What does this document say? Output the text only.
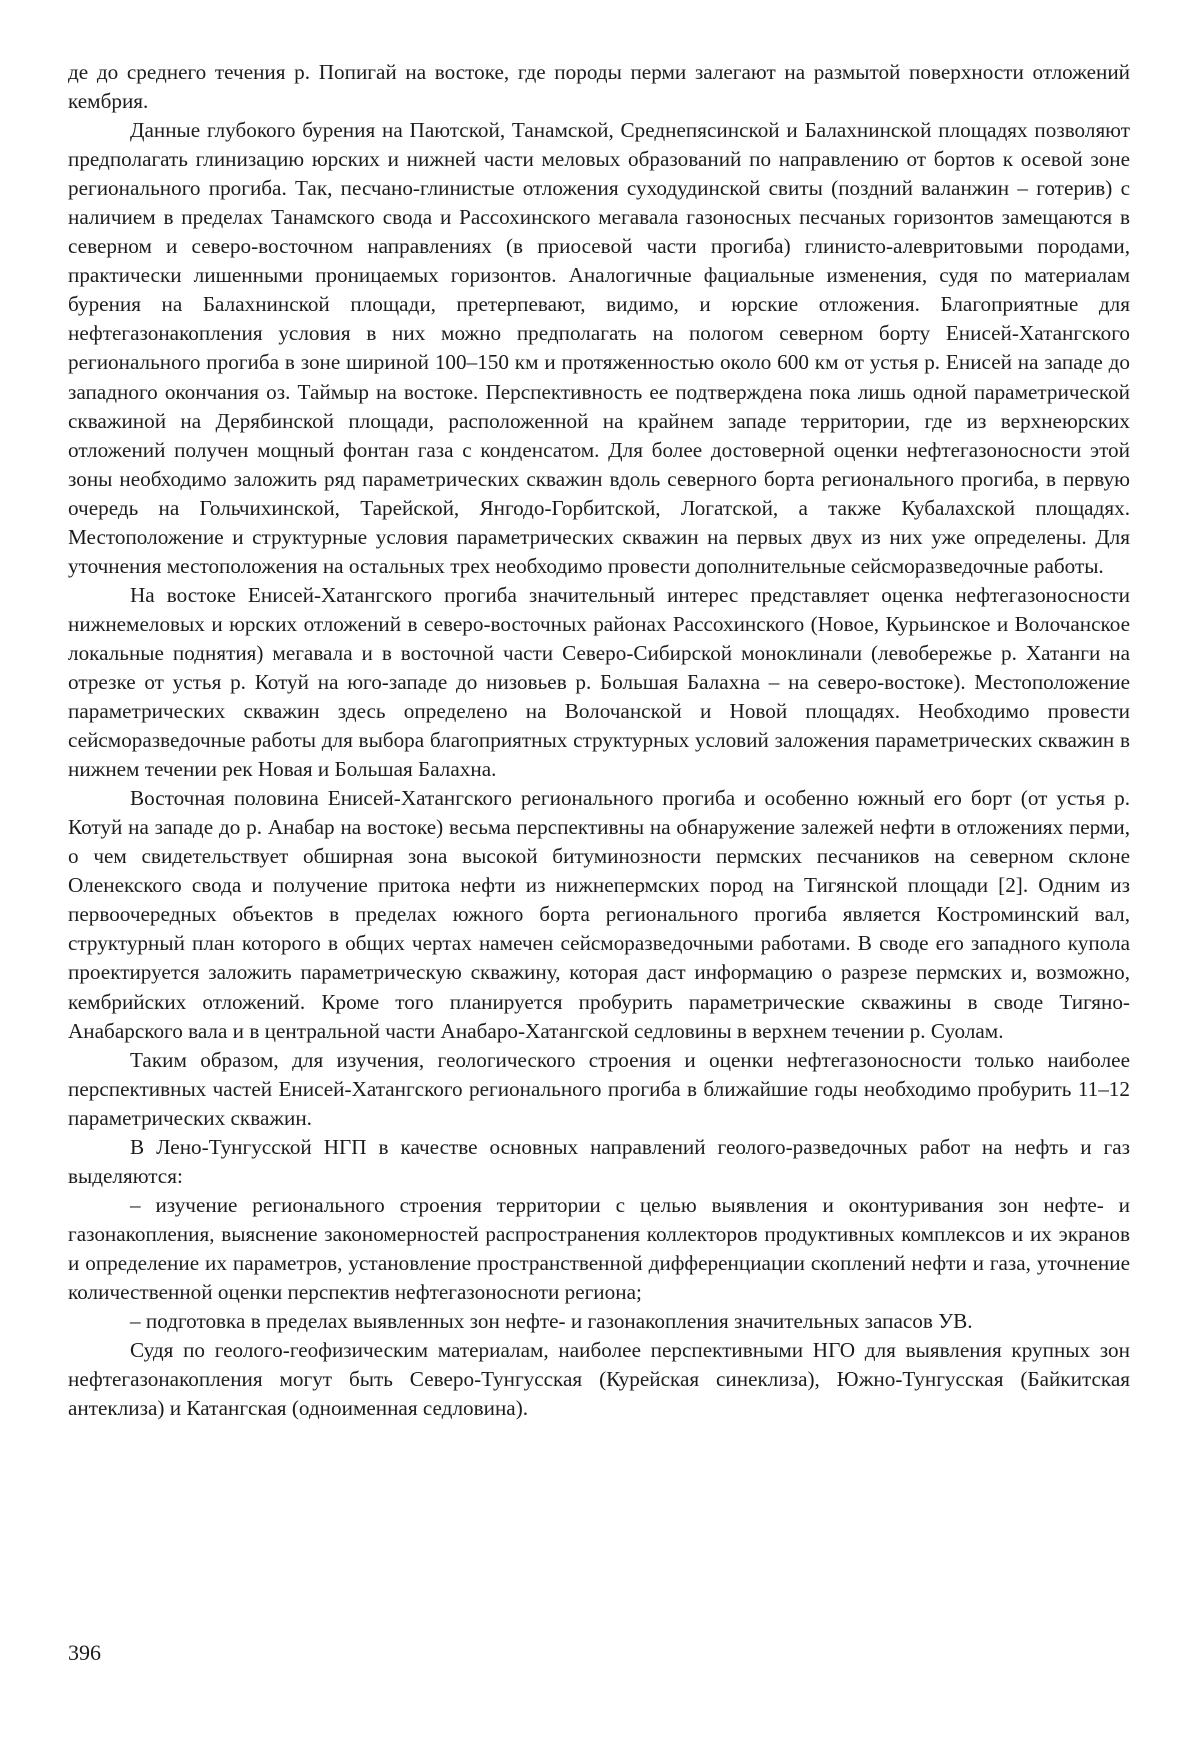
де до среднего течения р. Попигай на востоке, где породы перми залегают на размытой поверхности отложений кембрия.

Данные глубокого бурения на Паютской, Танамской, Среднепясинской и Балахнинской площадях позволяют предполагать глинизацию юрских и нижней части меловых образований по направлению от бортов к осевой зоне регионального прогиба. Так, песчано-глинистые отложения суходудинской свиты (поздний валанжин – готерив) с наличием в пределах Танамского свода и Рассохинского мегавала газоносных песчаных горизонтов замещаются в северном и северо-восточном направлениях (в приосевой части прогиба) глинисто-алевритовыми породами, практически лишенными проницаемых горизонтов. Аналогичные фациальные изменения, судя по материалам бурения на Балахнинской площади, претерпевают, видимо, и юрские отложения. Благоприятные для нефтегазонакопления условия в них можно предполагать на пологом северном борту Енисей-Хатангского регионального прогиба в зоне шириной 100–150 км и протяженностью около 600 км от устья р. Енисей на западе до западного окончания оз. Таймыр на востоке. Перспективность ее подтверждена пока лишь одной параметрической скважиной на Дерябинской площади, расположенной на крайнем западе территории, где из верхнеюрских отложений получен мощный фонтан газа с конденсатом. Для более достоверной оценки нефтегазоносности этой зоны необходимо заложить ряд параметрических скважин вдоль северного борта регионального прогиба, в первую очередь на Гольчихинской, Тарейской, Янгодо-Горбитской, Логатской, а также Кубалахской площадях. Местоположение и структурные условия параметрических скважин на первых двух из них уже определены. Для уточнения местоположения на остальных трех необходимо провести дополнительные сейсморазведочные работы.

На востоке Енисей-Хатангского прогиба значительный интерес представляет оценка нефтегазоносности нижнемеловых и юрских отложений в северо-восточных районах Рассохинского (Новое, Курьинское и Волочанское локальные поднятия) мегавала и в восточной части Северо-Сибирской моноклинали (левобережье р. Хатанги на отрезке от устья р. Котуй на юго-западе до низовьев р. Большая Балахна – на северо-востоке). Местоположение параметрических скважин здесь определено на Волочанской и Новой площадях. Необходимо провести сейсморазведочные работы для выбора благоприятных структурных условий заложения параметрических скважин в нижнем течении рек Новая и Большая Балахна.

Восточная половина Енисей-Хатангского регионального прогиба и особенно южный его борт (от устья р. Котуй на западе до р. Анабар на востоке) весьма перспективны на обнаружение залежей нефти в отложениях перми, о чем свидетельствует обширная зона высокой битуминозности пермских песчаников на северном склоне Оленекского свода и получение притока нефти из нижнепермских пород на Тигянской площади [2]. Одним из первоочередных объектов в пределах южного борта регионального прогиба является Костроминский вал, структурный план которого в общих чертах намечен сейсморазведочными работами. В своде его западного купола проектируется заложить параметрическую скважину, которая даст информацию о разрезе пермских и, возможно, кембрийских отложений. Кроме того планируется пробурить параметрические скважины в своде Тигяно-Анабарского вала и в центральной части Анабаро-Хатангской седловины в верхнем течении р. Суолам.

Таким образом, для изучения, геологического строения и оценки нефтегазоносности только наиболее перспективных частей Енисей-Хатангского регионального прогиба в ближайшие годы необходимо пробурить 11–12 параметрических скважин.

В Лено-Тунгусской НГП в качестве основных направлений геолого-разведочных работ на нефть и газ выделяются:

– изучение регионального строения территории с целью выявления и оконтуривания зон нефте- и газонакопления, выяснение закономерностей распространения коллекторов продуктивных комплексов и их экранов и определение их параметров, установление пространственной дифференциации скоплений нефти и газа, уточнение количественной оценки перспектив нефтегазоносноти региона;

– подготовка в пределах выявленных зон нефте- и газонакопления значительных запасов УВ.

Судя по геолого-геофизическим материалам, наиболее перспективными НГО для выявления крупных зон нефтегазонакопления могут быть Северо-Тунгусская (Курейская синеклиза), Южно-Тунгусская (Байкитская антеклиза) и Катангская (одноименная седловина).

396
